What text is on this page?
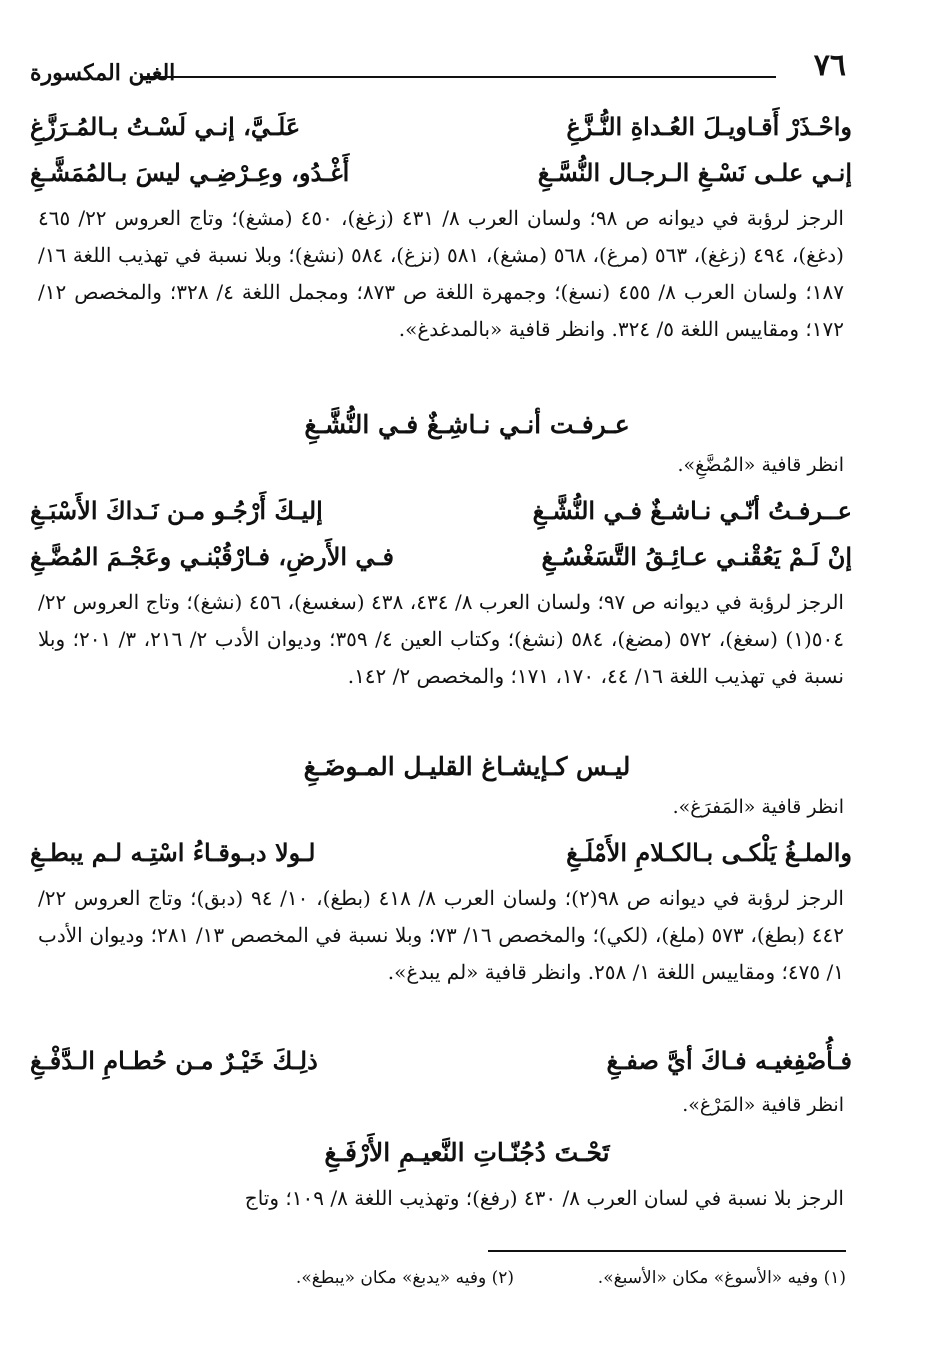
٧٦
الغين المكسورة
واحْـذَرْ أَقـاويـلَ العُـداةِ النُّـزَّغِ
عَلَـيَّ، إنـي لَسْـتُ بـالمُـرَزَّغِ
إنـي علـى نَسْـغِ الـرجـال النُّسَّـغِ
أَغْـدُو، وعِـرْضِـي ليسَ بـالمُمَشَّـغِ

الرجز لرؤبة في ديوانه ص ٩٨؛ ولسان العرب ٨/ ٤٣١ (زغغ)، ٤٥٠ (مشغ)؛ وتاج العروس ٢٢/ ٤٦٥ (دغغ)، ٤٩٤ (زغغ)، ٥٦٣ (مرغ)، ٥٦٨ (مشغ)، ٥٨١ (نزغ)، ٥٨٤ (نشغ)؛ وبلا نسبة في تهذيب اللغة ١٦/ ١٨٧؛ ولسان العرب ٨/ ٤٥٥ (نسغ)؛ وجمهرة اللغة ص ٨٧٣؛ ومجمل اللغة ٤/ ٣٢٨؛ والمخصص ١٢/ ١٧٢؛ ومقاييس اللغة ٥/ ٣٢٤. وانظر قافية «بالمدغدغ».

عـرفـت أنـي نـاشِـغٌ فـي النُّشَّـغِ
انظر قافية «المُضَّغِ».
عــرفـتُ أنّـي نـاشـغٌ فـي النُّشَّـغِ
إليـكَ أَرْجُـو مـن نَـداكَ الأَسْبَـغِ
إنْ لَـمْ يَعُقْنـي عـائِـقُ التَّسَغْسُـغِ
فـي الأَرضِ، فـارْقُبْنـي وعَجْـمَ المُضَّـغِ

الرجز لرؤبة في ديوانه ص ٩٧؛ ولسان العرب ٨/ ٤٣٤، ٤٣٨ (سغسغ)، ٤٥٦ (نشغ)؛ وتاج العروس ٢٢/ ٥٠٤(١) (سغغ)، ٥٧٢ (مضغ)، ٥٨٤ (نشغ)؛ وكتاب العين ٤/ ٣٥٩؛ وديوان الأدب ٢/ ٢١٦، ٣/ ٢٠١؛ وبلا نسبة في تهذيب اللغة ١٦/ ٤٤، ١٧٠، ١٧١؛ والمخصص ٢/ ١٤٢.

ليـس كـإيشـاغ القليـل المـوضَـغِ
انظر قافية «المَفرَغ».
والملـغُ يَلْكـى بـالكـلامِ الأَمْلَـغِ
لـولا دبـوقـاءُ اسْتِـه لـم يبطـغِ

الرجز لرؤبة في ديوانه ص ٩٨(٢)؛ ولسان العرب ٨/ ٤١٨ (بطغ)، ١٠/ ٩٤ (دبق)؛ وتاج العروس ٢٢/ ٤٤٢ (بطغ)، ٥٧٣ (ملغ)، (لكي)؛ والمخصص ١٦/ ٧٣؛ وبلا نسبة في المخصص ١٣/ ٢٨١؛ وديوان الأدب ١/ ٤٧٥؛ ومقاييس اللغة ١/ ٢٥٨. وانظر قافية «لم يبدغ».

فـأُصْفِغيـه فـاكَ أيَّ صفـغِ
ذلِـكَ خَيْـرٌ مـن حُطـامِ الـدَّفْـغِ
انظر قافية «المَرْغ».
تَحْـتَ دُجُنّـاتِ النَّعيـمِ الأَرْفَـغِ

الرجز بلا نسبة في لسان العرب ٨/ ٤٣٠ (رفغ)؛ وتهذيب اللغة ٨/ ١٠٩؛ وتاج

(١) وفيه «الأسوغ» مكان «الأسبغ».
(٢) وفيه «يدبغ» مكان «يبطغ».
